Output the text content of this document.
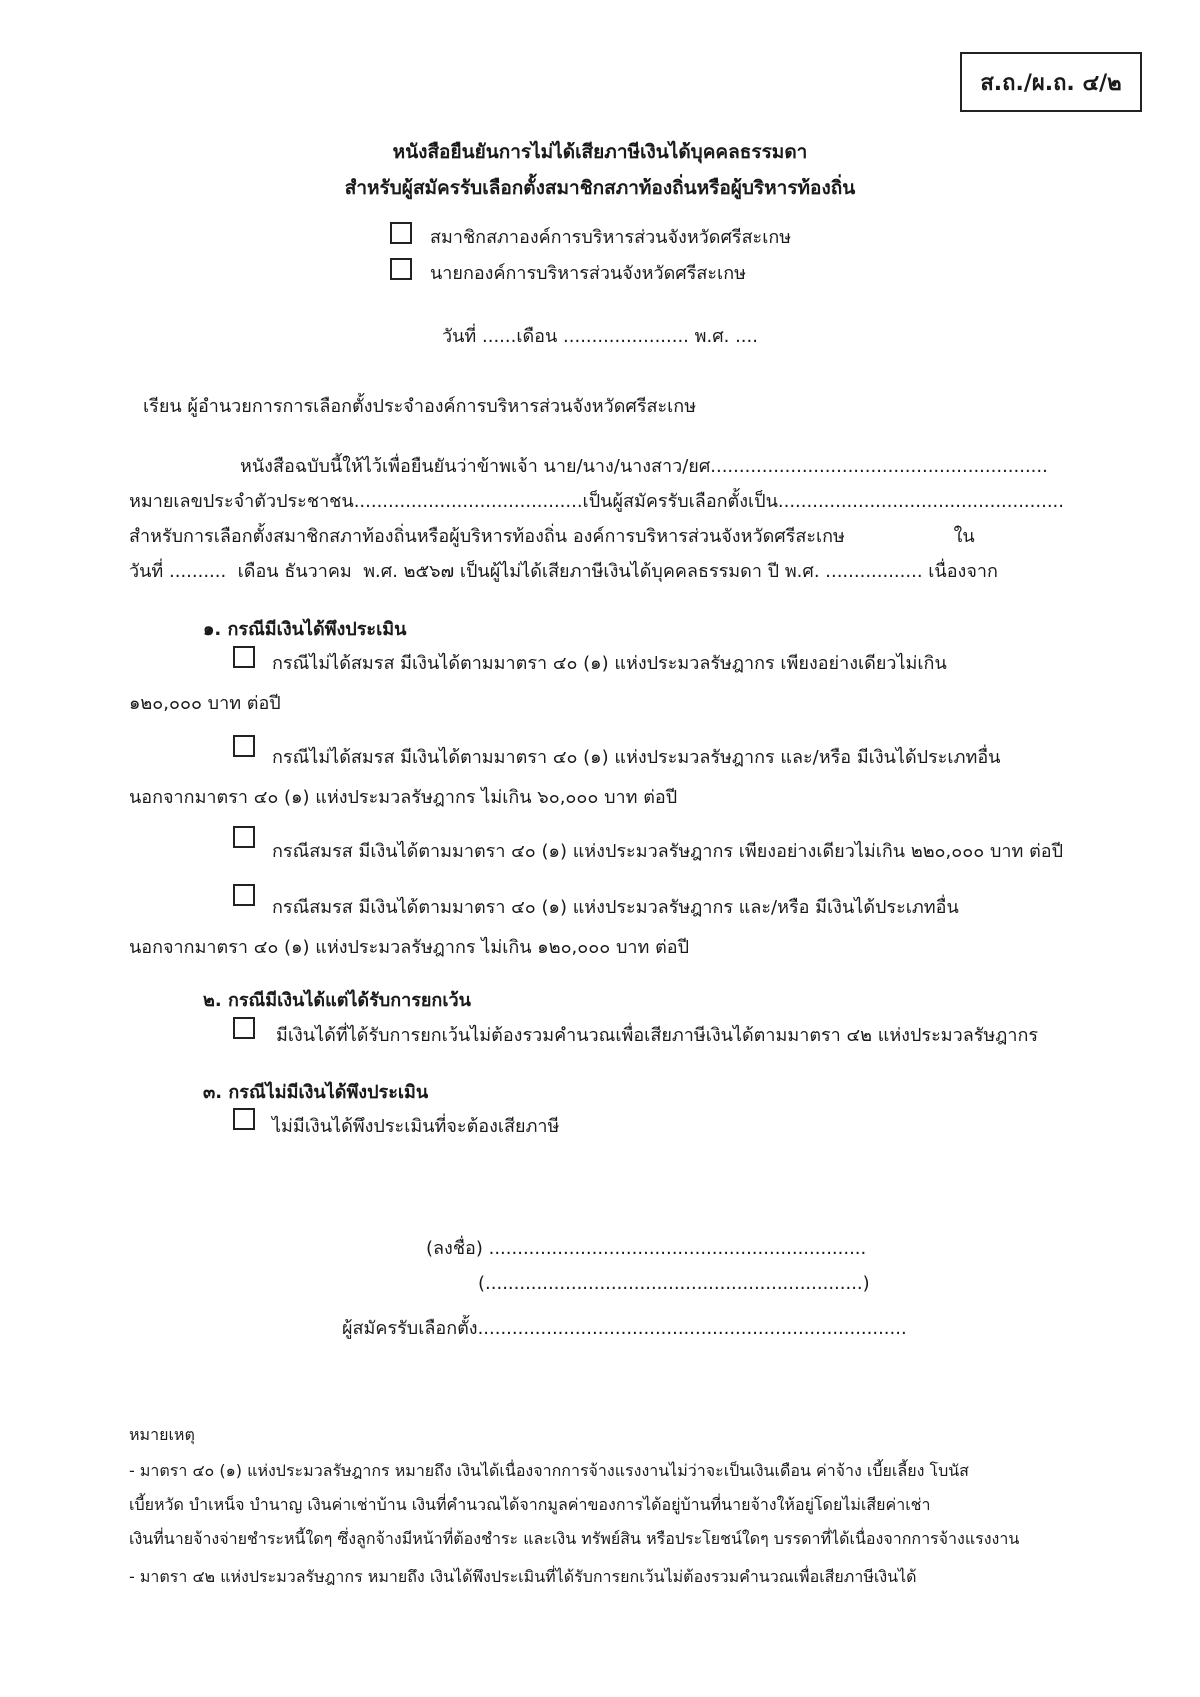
ส.ถ./ผ.ถ. ๔/๒
หนังสือยืนยันการไม่ได้เสียภาษีเงินได้บุคคลธรรมดา
สำหรับผู้สมัครรับเลือกตั้งสมาชิกสภาท้องถิ่นหรือผู้บริหารท้องถิ่น
สมาชิกสภาองค์การบริหารส่วนจังหวัดศรีสะเกษ
นายกองค์การบริหารส่วนจังหวัดศรีสะเกษ
วันที่ ......เดือน ...................... พ.ศ. ....
เรียน ผู้อำนวยการการเลือกตั้งประจำองค์การบริหารส่วนจังหวัดศรีสะเกษ
หนังสือฉบับนี้ให้ไว้เพื่อยืนยันว่าข้าพเจ้า นาย/นาง/นางสาว/ยศ...........................................................
หมายเลขประจำตัวประชาชน........................................เป็นผู้สมัครรับเลือกตั้งเป็น..................................................
สำหรับการเลือกตั้งสมาชิกสภาท้องถิ่นหรือผู้บริหารท้องถิ่น องค์การบริหารส่วนจังหวัดศรีสะเกษ                   ใน
วันที่ ..........  เดือน ธันวาคม  พ.ศ. ๒๕๖๗ เป็นผู้ไม่ได้เสียภาษีเงินได้บุคคลธรรมดา ปี พ.ศ. ................. เนื่องจาก
๑. กรณีมีเงินได้พึงประเมิน
กรณีไม่ได้สมรส มีเงินได้ตามมาตรา ๔๐ (๑) แห่งประมวลรัษฎากร เพียงอย่างเดียวไม่เกิน
๑๒๐,๐๐๐ บาท ต่อปี
กรณีไม่ได้สมรส มีเงินได้ตามมาตรา ๔๐ (๑) แห่งประมวลรัษฎากร และ/หรือ มีเงินได้ประเภทอื่น
นอกจากมาตรา ๔๐ (๑) แห่งประมวลรัษฎากร ไม่เกิน ๖๐,๐๐๐ บาท ต่อปี
กรณีสมรส มีเงินได้ตามมาตรา ๔๐ (๑) แห่งประมวลรัษฎากร เพียงอย่างเดียวไม่เกิน ๒๒๐,๐๐๐ บาท ต่อปี
กรณีสมรส มีเงินได้ตามมาตรา ๔๐ (๑) แห่งประมวลรัษฎากร และ/หรือ มีเงินได้ประเภทอื่น
นอกจากมาตรา ๔๐ (๑) แห่งประมวลรัษฎากร ไม่เกิน ๑๒๐,๐๐๐ บาท ต่อปี
๒. กรณีมีเงินได้แต่ได้รับการยกเว้น
มีเงินได้ที่ได้รับการยกเว้นไม่ต้องรวมคำนวณเพื่อเสียภาษีเงินได้ตามมาตรา ๔๒ แห่งประมวลรัษฎากร
๓. กรณีไม่มีเงินได้พึงประเมิน
ไม่มีเงินได้พึงประเมินที่จะต้องเสียภาษี
(ลงชื่อ) ..................................................................
(..................................................................)
ผู้สมัครรับเลือกตั้ง...........................................................................
หมายเหตุ
- มาตรา ๔๐ (๑) แห่งประมวลรัษฎากร หมายถึง เงินได้เนื่องจากการจ้างแรงงานไม่ว่าจะเป็นเงินเดือน ค่าจ้าง เบี้ยเลี้ยง โบนัส
เบี้ยหวัด บำเหน็จ บำนาญ เงินค่าเช่าบ้าน เงินที่คำนวณได้จากมูลค่าของการได้อยู่บ้านที่นายจ้างให้อยู่โดยไม่เสียค่าเช่า
เงินที่นายจ้างจ่ายชำระหนี้ใดๆ ซึ่งลูกจ้างมีหน้าที่ต้องชำระ และเงิน ทรัพย์สิน หรือประโยชน์ใดๆ บรรดาที่ได้เนื่องจากการจ้างแรงงาน
- มาตรา ๔๒ แห่งประมวลรัษฎากร หมายถึง เงินได้พึงประเมินที่ได้รับการยกเว้นไม่ต้องรวมคำนวณเพื่อเสียภาษีเงินได้
